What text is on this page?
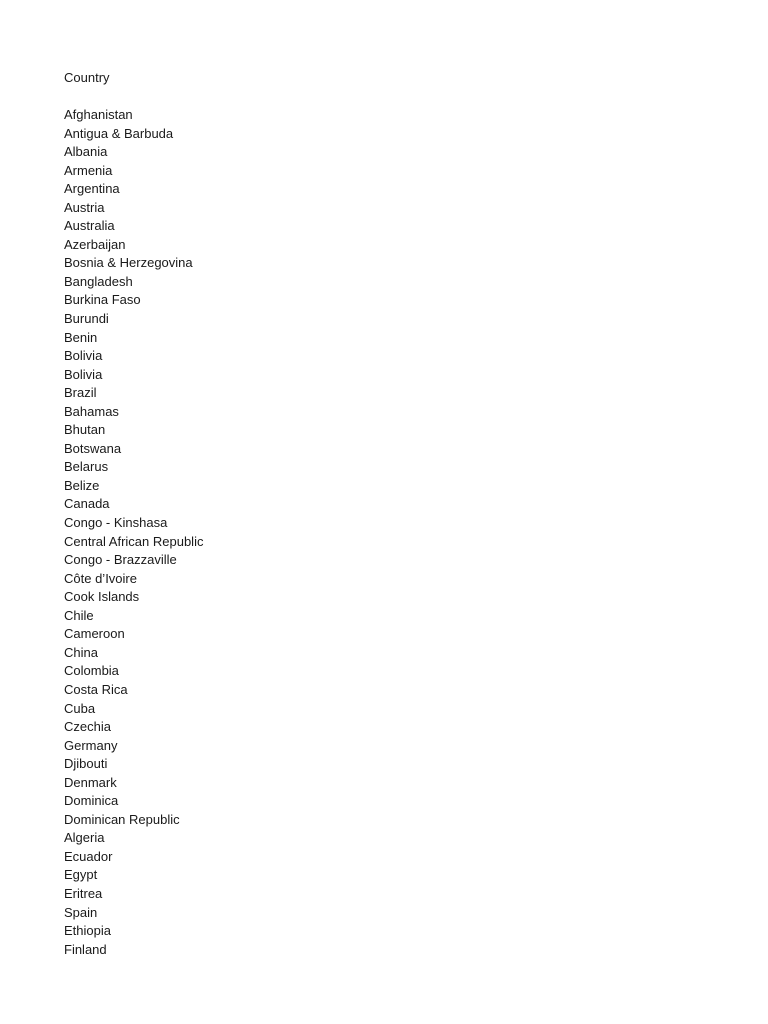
Country
Afghanistan
Antigua & Barbuda
Albania
Armenia
Argentina
Austria
Australia
Azerbaijan
Bosnia & Herzegovina
Bangladesh
Burkina Faso
Burundi
Benin
Bolivia
Bolivia
Brazil
Bahamas
Bhutan
Botswana
Belarus
Belize
Canada
Congo - Kinshasa
Central African Republic
Congo - Brazzaville
Côte d’Ivoire
Cook Islands
Chile
Cameroon
China
Colombia
Costa Rica
Cuba
Czechia
Germany
Djibouti
Denmark
Dominica
Dominican Republic
Algeria
Ecuador
Egypt
Eritrea
Spain
Ethiopia
Finland
